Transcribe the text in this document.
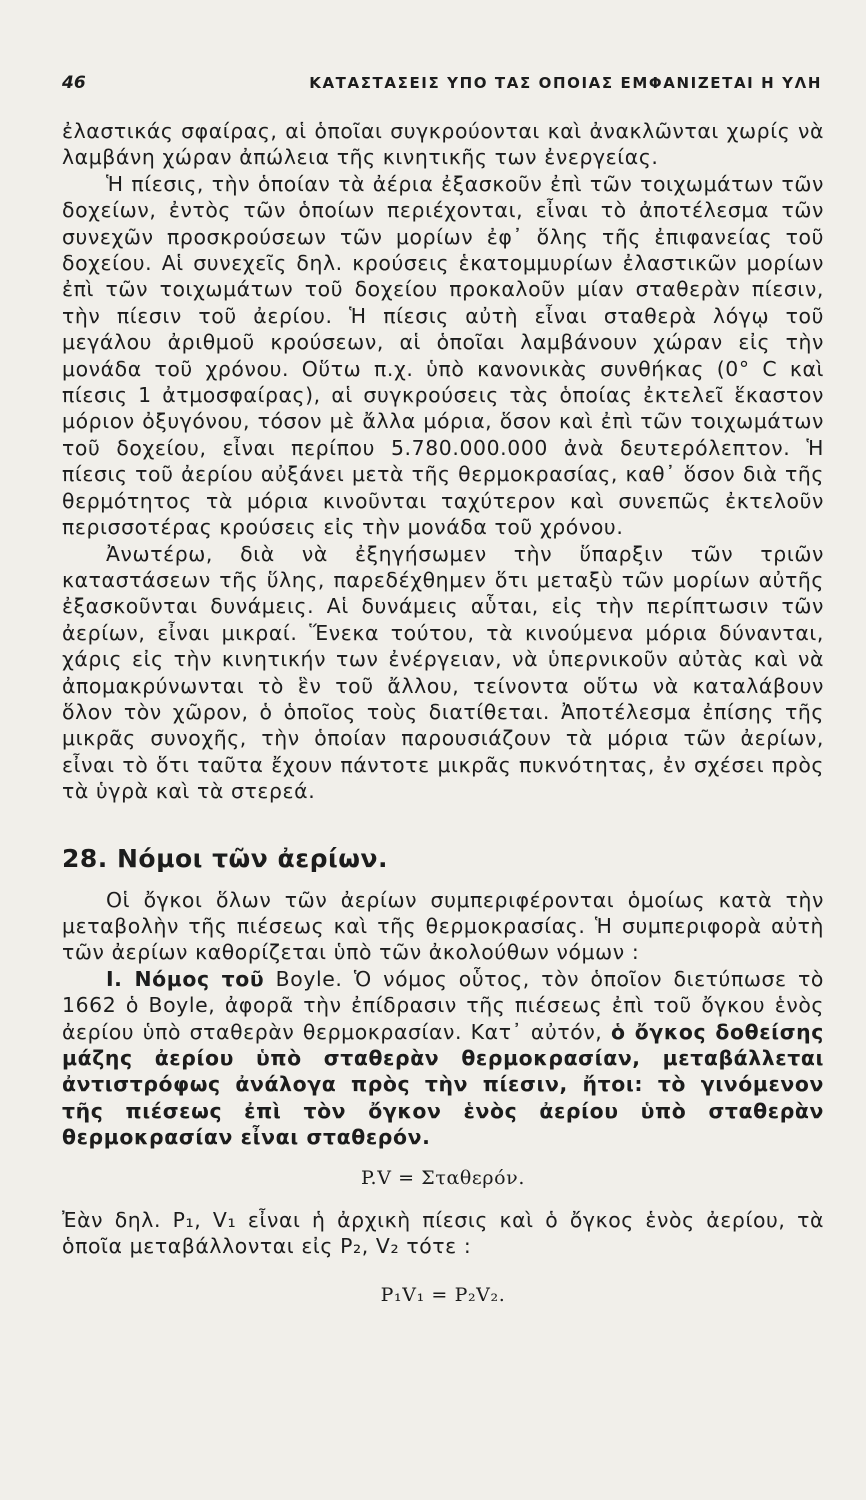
46	ΚΑΤΑΣΤΑΣΕΙΣ ΥΠΟ ΤΑΣ ΟΠΟΙΑΣ ΕΜΦΑΝΙΖΕΤΑΙ Η ΥΛΗ

ἐλαστικάς σφαίρας, αἱ ὁποῖαι συγκρούονται καὶ ἀνακλῶνται χωρίς νὰ λαμβάνη χώραν ἀπώλεια τῆς κινητικῆς των ἐνεργείας.

Ἡ πίεσις, τὴν ὁποίαν τὰ ἀέρια ἐξασκοῦν ἐπὶ τῶν τοιχωμάτων τῶν δοχείων, ἐντὸς τῶν ὁποίων περιέχονται, εἶναι τὸ ἀποτέλεσμα τῶν συνεχῶν προσκρούσεων τῶν μορίων ἐφ᾽ ὅλης τῆς ἐπιφανείας τοῦ δοχείου. Αἱ συνεχεῖς δηλ. κρούσεις ἑκατομμυρίων ἐλαστικῶν μορίων ἐπὶ τῶν τοιχωμάτων τοῦ δοχείου προκαλοῦν μίαν σταθερὰν πίεσιν, τὴν πίεσιν τοῦ ἀερίου. Ἡ πίεσις αὐτὴ εἶναι σταθερὰ λόγῳ τοῦ μεγάλου ἀριθμοῦ κρούσεων, αἱ ὁποῖαι λαμβάνουν χώραν εἰς τὴν μονάδα τοῦ χρόνου. Οὕτω π.χ. ὑπὸ κανονικὰς συνθήκας (0° C καὶ πίεσις 1 ἀτμοσφαίρας), αἱ συγκρούσεις τὰς ὁποίας ἐκτελεῖ ἕκαστον μόριον ὀξυγόνου, τόσον μὲ ἄλλα μόρια, ὅσον καὶ ἐπὶ τῶν τοιχωμάτων τοῦ δοχείου, εἶναι περίπου 5.780.000.000 ἀνὰ δευτερόλεπτον. Ἡ πίεσις τοῦ ἀερίου αὐξάνει μετὰ τῆς θερμοκρασίας, καθ᾽ ὅσον διὰ τῆς θερμότητος τὰ μόρια κινοῦνται ταχύτερον καὶ συνεπῶς ἐκτελοῦν περισσοτέρας κρούσεις εἰς τὴν μονάδα τοῦ χρόνου.

Ἀνωτέρω, διὰ νὰ ἐξηγήσωμεν τὴν ὕπαρξιν τῶν τριῶν καταστάσεων τῆς ὕλης, παρεδέχθημεν ὅτι μεταξὺ τῶν μορίων αὐτῆς ἐξασκοῦνται δυνάμεις. Αἱ δυνάμεις αὗται, εἰς τὴν περίπτωσιν τῶν ἀερίων, εἶναι μικραί. Ἕνεκα τούτου, τὰ κινούμενα μόρια δύνανται, χάρις εἰς τὴν κινητικήν των ἐνέργειαν, νὰ ὑπερνικοῦν αὐτὰς καὶ νὰ ἀπομακρύνωνται τὸ ἓν τοῦ ἄλλου, τείνοντα οὕτω νὰ καταλάβουν ὅλον τὸν χῶρον, ὁ ὁποῖος τοὺς διατίθεται. Ἀποτέλεσμα ἐπίσης τῆς μικρᾶς συνοχῆς, τὴν ὁποίαν παρουσιάζουν τὰ μόρια τῶν ἀερίων, εἶναι τὸ ὅτι ταῦτα ἔχουν πάντοτε μικρᾶς πυκνότητας, ἐν σχέσει πρὸς τὰ ὑγρὰ καὶ τὰ στερεά.

28. Νόμοι τῶν ἀερίων.

Οἱ ὄγκοι ὅλων τῶν ἀερίων συμπεριφέρονται ὁμοίως κατὰ τὴν μεταβολὴν τῆς πιέσεως καὶ τῆς θερμοκρασίας. Ἡ συμπεριφορὰ αὐτὴ τῶν ἀερίων καθορίζεται ὑπὸ τῶν ἀκολούθων νόμων :

Ι. Νόμος τοῦ Boyle. Ὁ νόμος οὗτος, τὸν ὁποῖον διετύπωσε τὸ 1662 ὁ Boyle, ἀφορᾶ τὴν ἐπίδρασιν τῆς πιέσεως ἐπὶ τοῦ ὄγκου ἑνὸς ἀερίου ὑπὸ σταθερὰν θερμοκρασίαν. Κατ᾽ αὐτόν, ὁ ὄγκος δοθείσης μάζης ἀερίου ὑπὸ σταθερὰν θερμοκρασίαν, μεταβάλλεται ἀντιστρόφως ἀνάλογα πρὸς τὴν πίεσιν, ἤτοι: τὸ γινόμενον τῆς πιέσεως ἐπὶ τὸν ὄγκον ἑνὸς ἀερίου ὑπὸ σταθερὰν θερμοκρασίαν εἶναι σταθερόν.

P.V = Σταθερόν.

Ἐὰν δηλ. P₁, V₁ εἶναι ἡ ἀρχικὴ πίεσις καὶ ὁ ὄγκος ἑνὸς ἀερίου, τὰ ὁποῖα μεταβάλλονται εἰς P₂, V₂ τότε :

P₁V₁ = P₂V₂.
